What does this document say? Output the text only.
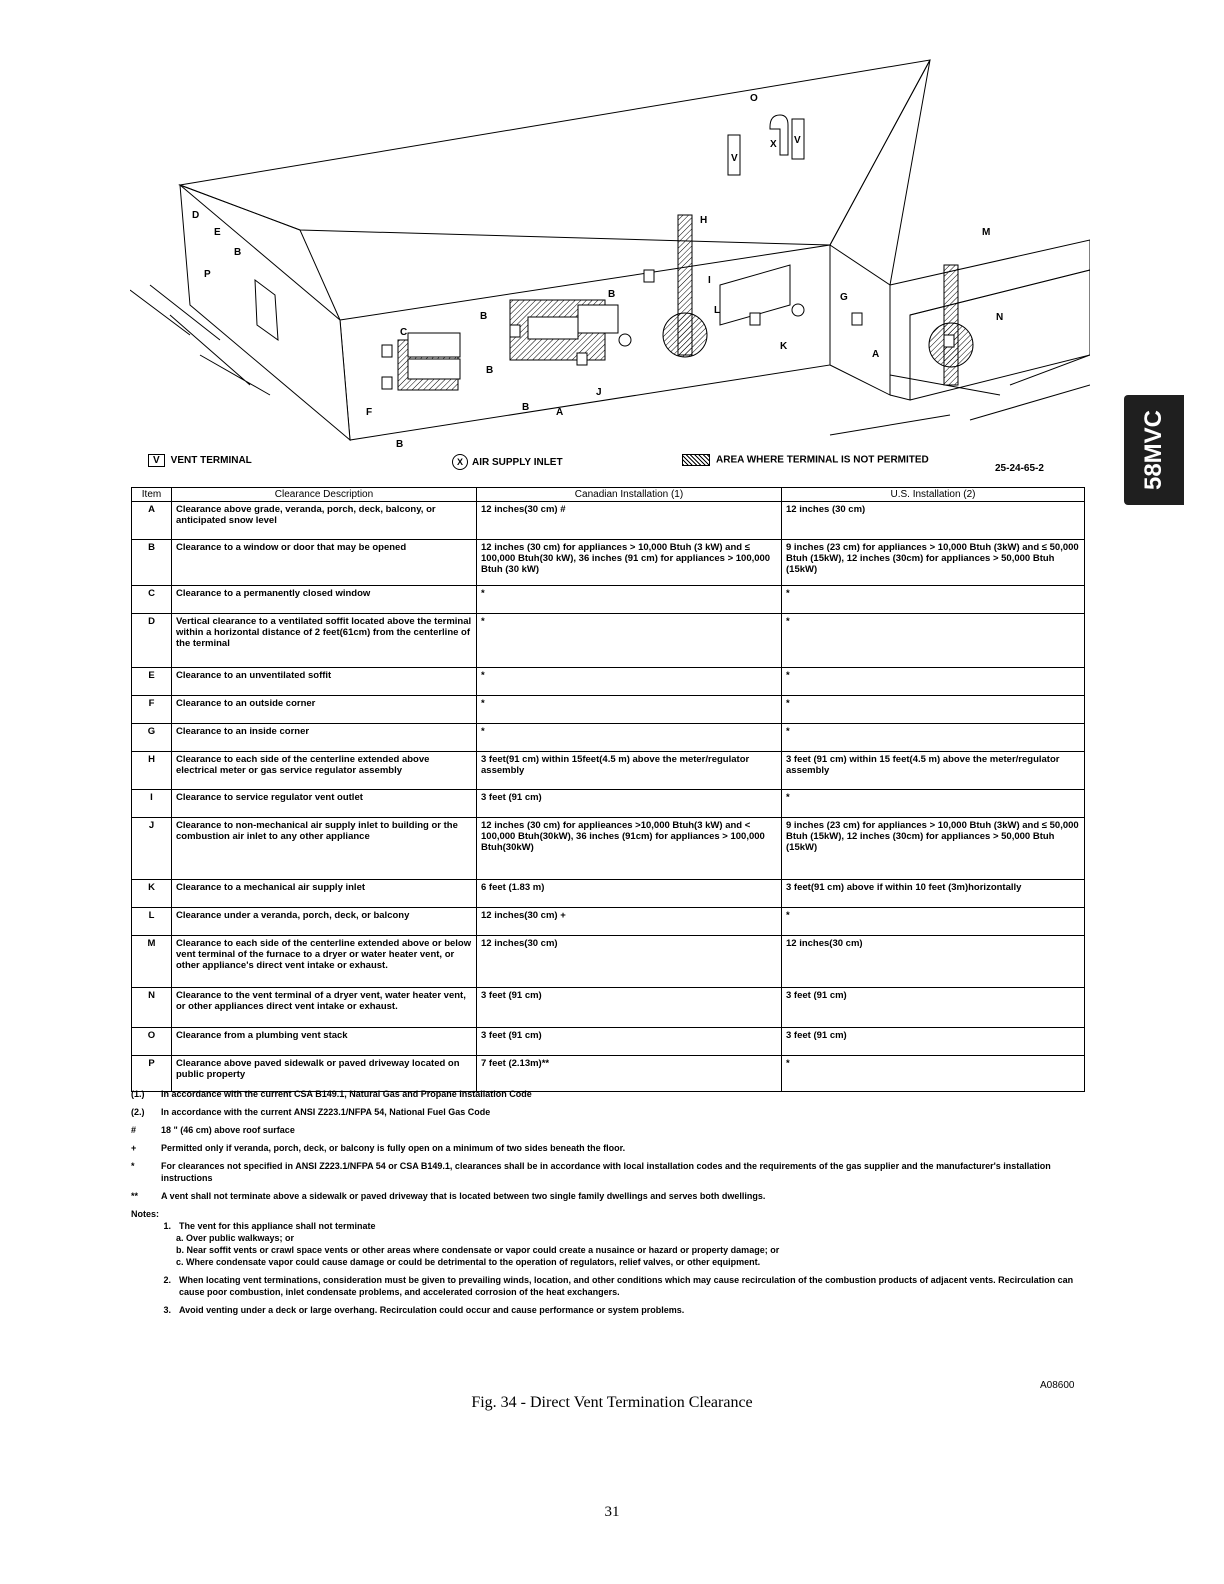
58MVC
O
V
X V
H
M
D
E
B
P
C
F
B
B
B
B
B
A
J
I
L
K
G
N
A
V VENT TERMINAL	X AIR SUPPLY INLET	AREA WHERE TERMINAL IS NOT PERMITED
25-24-65-2
Item	Clearance Description	Canadian Installation (1)	U.S. Installation (2)
A	Clearance above grade, veranda, porch, deck, balcony, or anticipated snow level	12 inches(30 cm) #	12 inches (30 cm)
B	Clearance to a window or door that may be opened	12 inches (30 cm) for appliances > 10,000 Btuh (3 kW) and ≤ 100,000 Btuh(30 kW), 36 inches (91 cm) for appliances > 100,000 Btuh (30 kW)	9 inches (23 cm) for appliances > 10,000 Btuh (3kW) and ≤ 50,000 Btuh (15kW), 12 inches (30cm) for appliances > 50,000 Btuh (15kW)
C	Clearance to a permanently closed window	*	*
D	Vertical clearance to a ventilated soffit located above the terminal within a horizontal distance of 2 feet(61cm) from the centerline of the terminal	*	*
E	Clearance to an unventilated soffit	*	*
F	Clearance to an outside corner	*	*
G	Clearance to an inside corner	*	*
H	Clearance to each side of the centerline extended above electrical meter or gas service regulator assembly	3 feet(91 cm) within 15feet(4.5 m) above the meter/regulator assembly	3 feet (91 cm) within 15 feet(4.5 m) above the meter/regulator assembly
I	Clearance to service regulator vent outlet	3 feet (91 cm)	*
J	Clearance to non-mechanical air supply inlet to building or the combustion air inlet to any other appliance	12 inches (30 cm) for applieances >10,000 Btuh(3 kW) and < 100,000 Btuh(30kW), 36 inches (91cm) for appliances > 100,000 Btuh(30kW)	9 inches (23 cm) for appliances > 10,000 Btuh (3kW) and ≤ 50,000 Btuh (15kW), 12 inches (30cm) for appliances > 50,000 Btuh (15kW)
K	Clearance to a mechanical air supply inlet	6 feet (1.83 m)	3 feet(91 cm) above if within 10 feet (3m)horizontally
L	Clearance under a veranda, porch, deck, or balcony	12 inches(30 cm) +	*
M	Clearance to each side of the centerline extended above or below vent terminal of the furnace to a dryer or water heater vent, or other appliance's direct vent intake or exhaust.	12 inches(30 cm)	12 inches(30 cm)
N	Clearance to the vent terminal of a dryer vent, water heater vent, or other appliances direct vent intake or exhaust.	3 feet (91 cm)	3 feet (91 cm)
O	Clearance from a plumbing vent stack	3 feet (91 cm)	3 feet (91 cm)
P	Clearance above paved sidewalk or paved driveway located on public property	7 feet (2.13m)**	*
(1.)	In accordance with the current CSA B149.1, Natural Gas and Propane Installation Code
(2.)	In accordance with the current ANSI Z223.1/NFPA 54, National Fuel Gas Code
#	18 " (46 cm) above roof surface
+	Permitted only if veranda, porch, deck, or balcony is fully open on a minimum of two sides beneath the floor.
*	For clearances not specified in ANSI Z223.1/NFPA 54 or CSA B149.1, clearances shall be in accordance with local installation codes and the requirements of the gas supplier and the manufacturer's installation instructions
**	A vent shall not terminate above a sidewalk or paved driveway that is located between two single family dwellings and serves both dwellings.
Notes:
1. The vent for this appliance shall not terminate
a. Over public walkways; or
b. Near soffit vents or crawl space vents or other areas where condensate or vapor could create a nusaince or hazard or property damage; or
c. Where condensate vapor could cause damage or could be detrimental to the operation of regulators, relief valves, or other equipment.
2. When locating vent terminations, consideration must be given to prevailing winds, location, and other conditions which may cause recirculation of the combustion products of adjacent vents. Recirculation can cause poor combustion, inlet condensate problems, and accelerated corrosion of the heat exchangers.
3. Avoid venting under a deck or large overhang. Recirculation could occur and cause performance or system problems.
A08600
Fig. 34 - Direct Vent Termination Clearance
31
